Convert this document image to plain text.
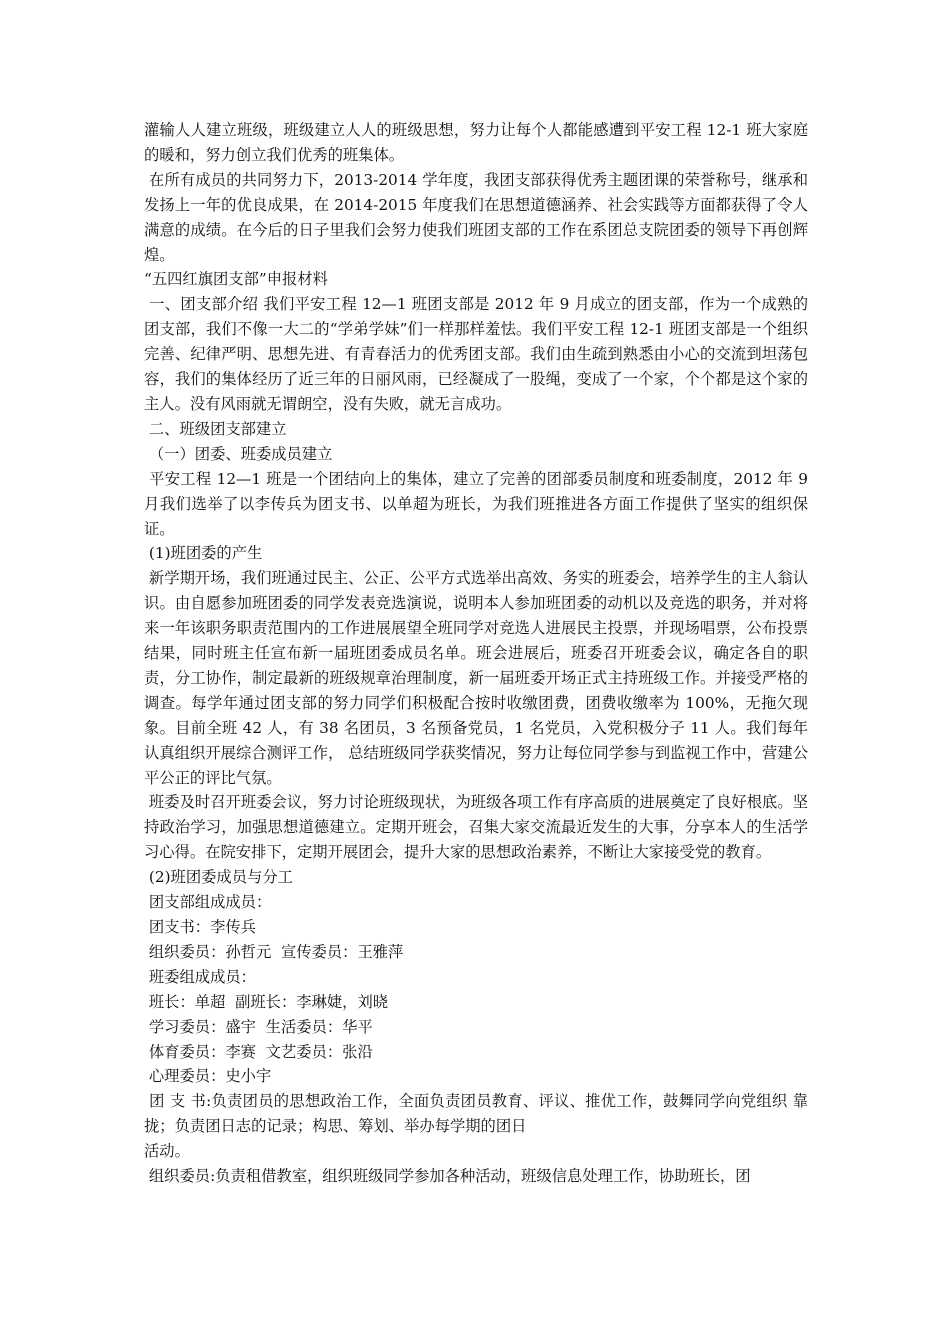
灌输人人建立班级，班级建立人人的班级思想，努力让每个人都能感遭到平安工程 12-1 班大家庭的暖和，努力创立我们优秀的班集体。

在所有成员的共同努力下，2013-2014 学年度，我团支部获得优秀主题团课的荣誉称号，继承和发扬上一年的优良成果，在 2014-2015 年度我们在思想道德涵养、社会实践等方面都获得了令人满意的成绩。在今后的日子里我们会努力使我们班团支部的工作在系团总支院团委的领导下再创辉煌。

“五四红旗团支部”申报材料

一、团支部介绍 我们平安工程 12—1 班团支部是 2012 年 9 月成立的团支部，作为一个成熟的团支部，我们不像一大二的“学弟学妹”们一样那样羞怯。我们平安工程 12-1 班团支部是一个组织完善、纪律严明、思想先进、有青春活力的优秀团支部。我们由生疏到熟悉由小心的交流到坦荡包容，我们的集体经历了近三年的日丽风雨，已经凝成了一股绳，变成了一个家，个个都是这个家的主人。没有风雨就无谓朗空，没有失败，就无言成功。

二、班级团支部建立

（一）团委、班委成员建立

平安工程 12—1 班是一个团结向上的集体，建立了完善的团部委员制度和班委制度，2012 年 9 月我们选举了以李传兵为团支书、以单超为班长，为我们班推进各方面工作提供了坚实的组织保证。

(1)班团委的产生

新学期开场，我们班通过民主、公正、公平方式选举出高效、务实的班委会，培养学生的主人翁认识。由自愿参加班团委的同学发表竞选演说，说明本人参加班团委的动机以及竞选的职务，并对将来一年该职务职责范围内的工作进展展望全班同学对竞选人进展民主投票，并现场唱票，公布投票结果，同时班主任宣布新一届班团委成员名单。班会进展后，班委召开班委会议，确定各自的职责，分工协作，制定最新的班级规章治理制度，新一届班委开场正式主持班级工作。并接受严格的调查。每学年通过团支部的努力同学们积极配合按时收缴团费，团费收缴率为 100%，无拖欠现象。目前全班 42 人，有 38 名团员，3 名预备党员，1 名党员，入党积极分子 11 人。我们每年认真组织开展综合测评工作， 总结班级同学获奖情况，努力让每位同学参与到监视工作中，营建公平公正的评比气氛。

班委及时召开班委会议，努力讨论班级现状，为班级各项工作有序高质的进展奠定了良好根底。坚持政治学习，加强思想道德建立。定期开班会，召集大家交流最近发生的大事，分享本人的生活学习心得。在院安排下，定期开展团会，提升大家的思想政治素养，不断让大家接受党的教育。

(2)班团委成员与分工

团支部组成成员：

团支书：李传兵

组织委员：孙哲元  宣传委员：王雅萍

班委组成成员：

班长：单超  副班长：李琳婕，刘晓

学习委员：盛宇  生活委员：华平

体育委员：李赛  文艺委员：张沿

心理委员：史小宇

团 支 书:负责团员的思想政治工作，全面负责团员教育、评议、推优工作，鼓舞同学向党组织 靠拢；负责团日志的记录；构思、筹划、举办每学期的团日

活动。

组织委员:负责租借教室，组织班级同学参加各种活动，班级信息处理工作，协助班长，团
